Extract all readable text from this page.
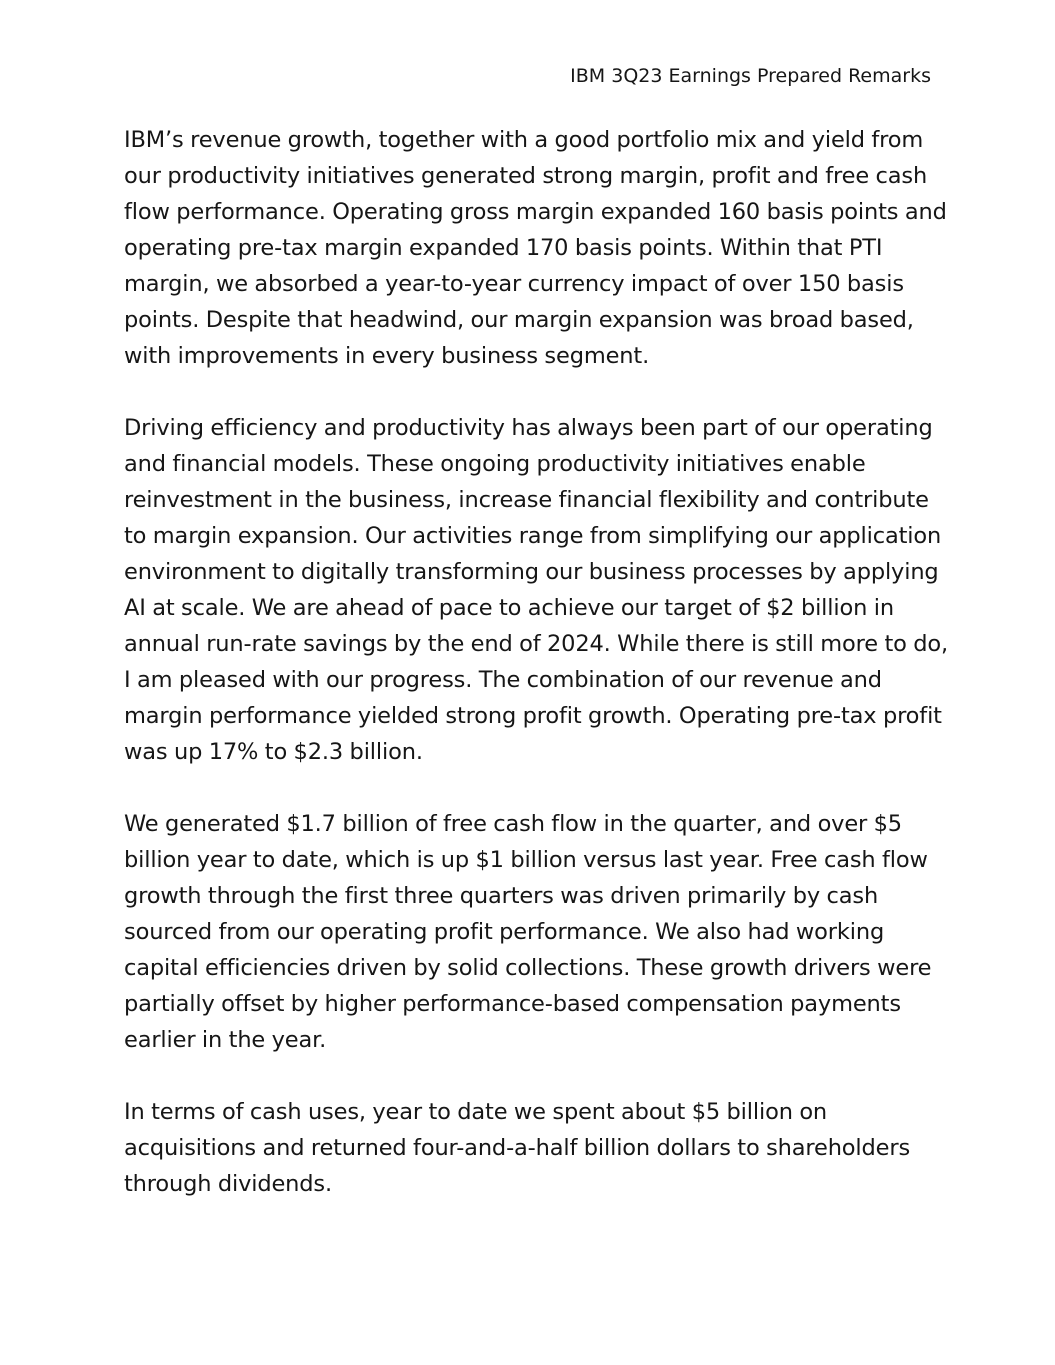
IBM 3Q23 Earnings Prepared Remarks

IBM’s revenue growth, together with a good portfolio mix and yield from
our productivity initiatives generated strong margin, profit and free cash
flow performance. Operating gross margin expanded 160 basis points and
operating pre-tax margin expanded 170 basis points. Within that PTI
margin, we absorbed a year-to-year currency impact of over 150 basis
points. Despite that headwind, our margin expansion was broad based,
with improvements in every business segment.

Driving efficiency and productivity has always been part of our operating
and financial models. These ongoing productivity initiatives enable
reinvestment in the business, increase financial flexibility and contribute
to margin expansion. Our activities range from simplifying our application
environment to digitally transforming our business processes by applying
AI at scale. We are ahead of pace to achieve our target of $2 billion in
annual run-rate savings by the end of 2024. While there is still more to do,
I am pleased with our progress. The combination of our revenue and
margin performance yielded strong profit growth. Operating pre-tax profit
was up 17% to $2.3 billion.

We generated $1.7 billion of free cash flow in the quarter, and over $5
billion year to date, which is up $1 billion versus last year. Free cash flow
growth through the first three quarters was driven primarily by cash
sourced from our operating profit performance. We also had working
capital efficiencies driven by solid collections. These growth drivers were
partially offset by higher performance-based compensation payments
earlier in the year.

In terms of cash uses, year to date we spent about $5 billion on
acquisitions and returned four-and-a-half billion dollars to shareholders
through dividends.
